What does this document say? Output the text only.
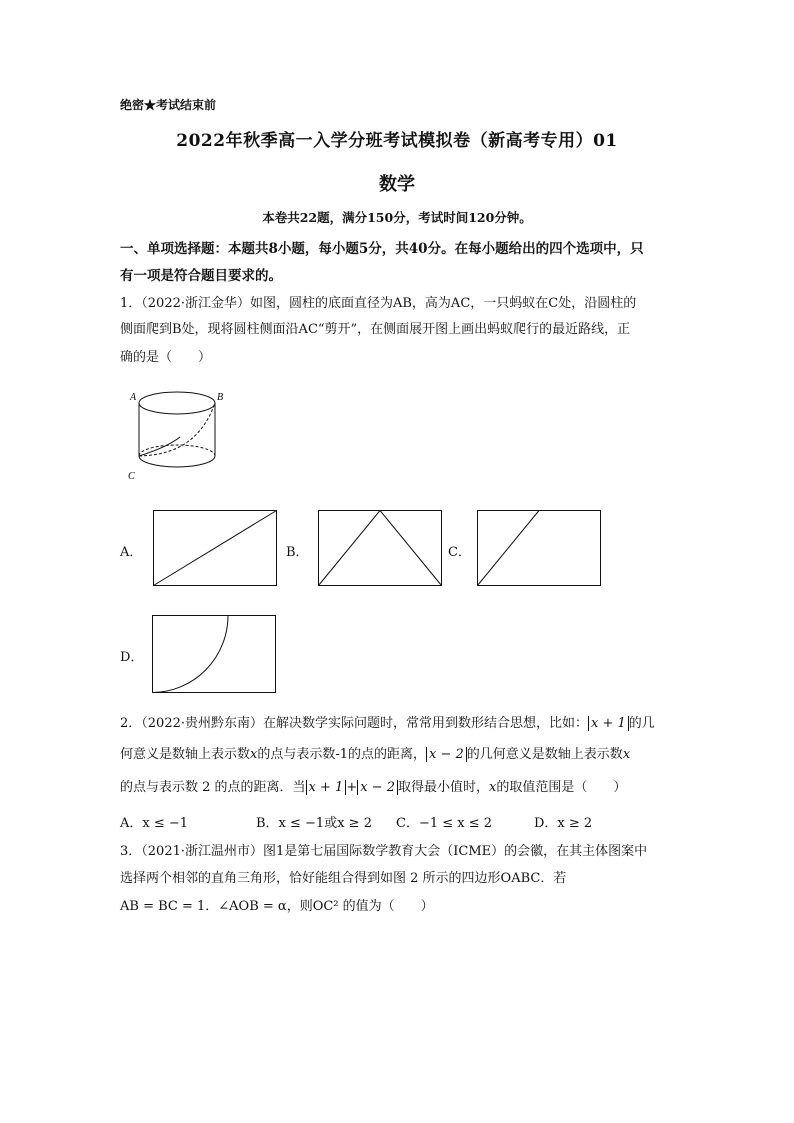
绝密★考试结束前
2022年秋季高一入学分班考试模拟卷（新高考专用）01
数学
本卷共22题，满分150分，考试时间120分钟。
一、单项选择题：本题共8小题，每小题5分，共40分。在每小题给出的四个选项中，只
有一项是符合题目要求的。
1．（2022·浙江金华）如图，圆柱的底面直径为AB，高为AC，一只蚂蚁在C处，沿圆柱的
侧面爬到B处，现将圆柱侧面沿AC“剪开”，在侧面展开图上画出蚂蚁爬行的最近路线，正
确的是（　　）
A	B
C
A．	B．	C．
D．
2．（2022·贵州黔东南）在解决数学实际问题时，常常用到数形结合思想，比如： x + 1 的几
何意义是数轴上表示数x的点与表示数-1的点的距离， x − 2 的几何意义是数轴上表示数x
的点与表示数 2 的点的距离．当 x + 1 + x − 2 取得最小值时，x的取值范围是（　　）
A．x ≤ −1	B．x ≤ −1或x ≥ 2 C．−1 ≤ x ≤ 2	D．x ≥ 2
3．（2021·浙江温州市）图1是第七届国际数学教育大会（ICME）的会徽，在其主体图案中
选择两个相邻的直角三角形，恰好能组合得到如图 2 所示的四边形OABC．若
AB = BC = 1．∠AOB = α，则OC² 的值为（　　）
